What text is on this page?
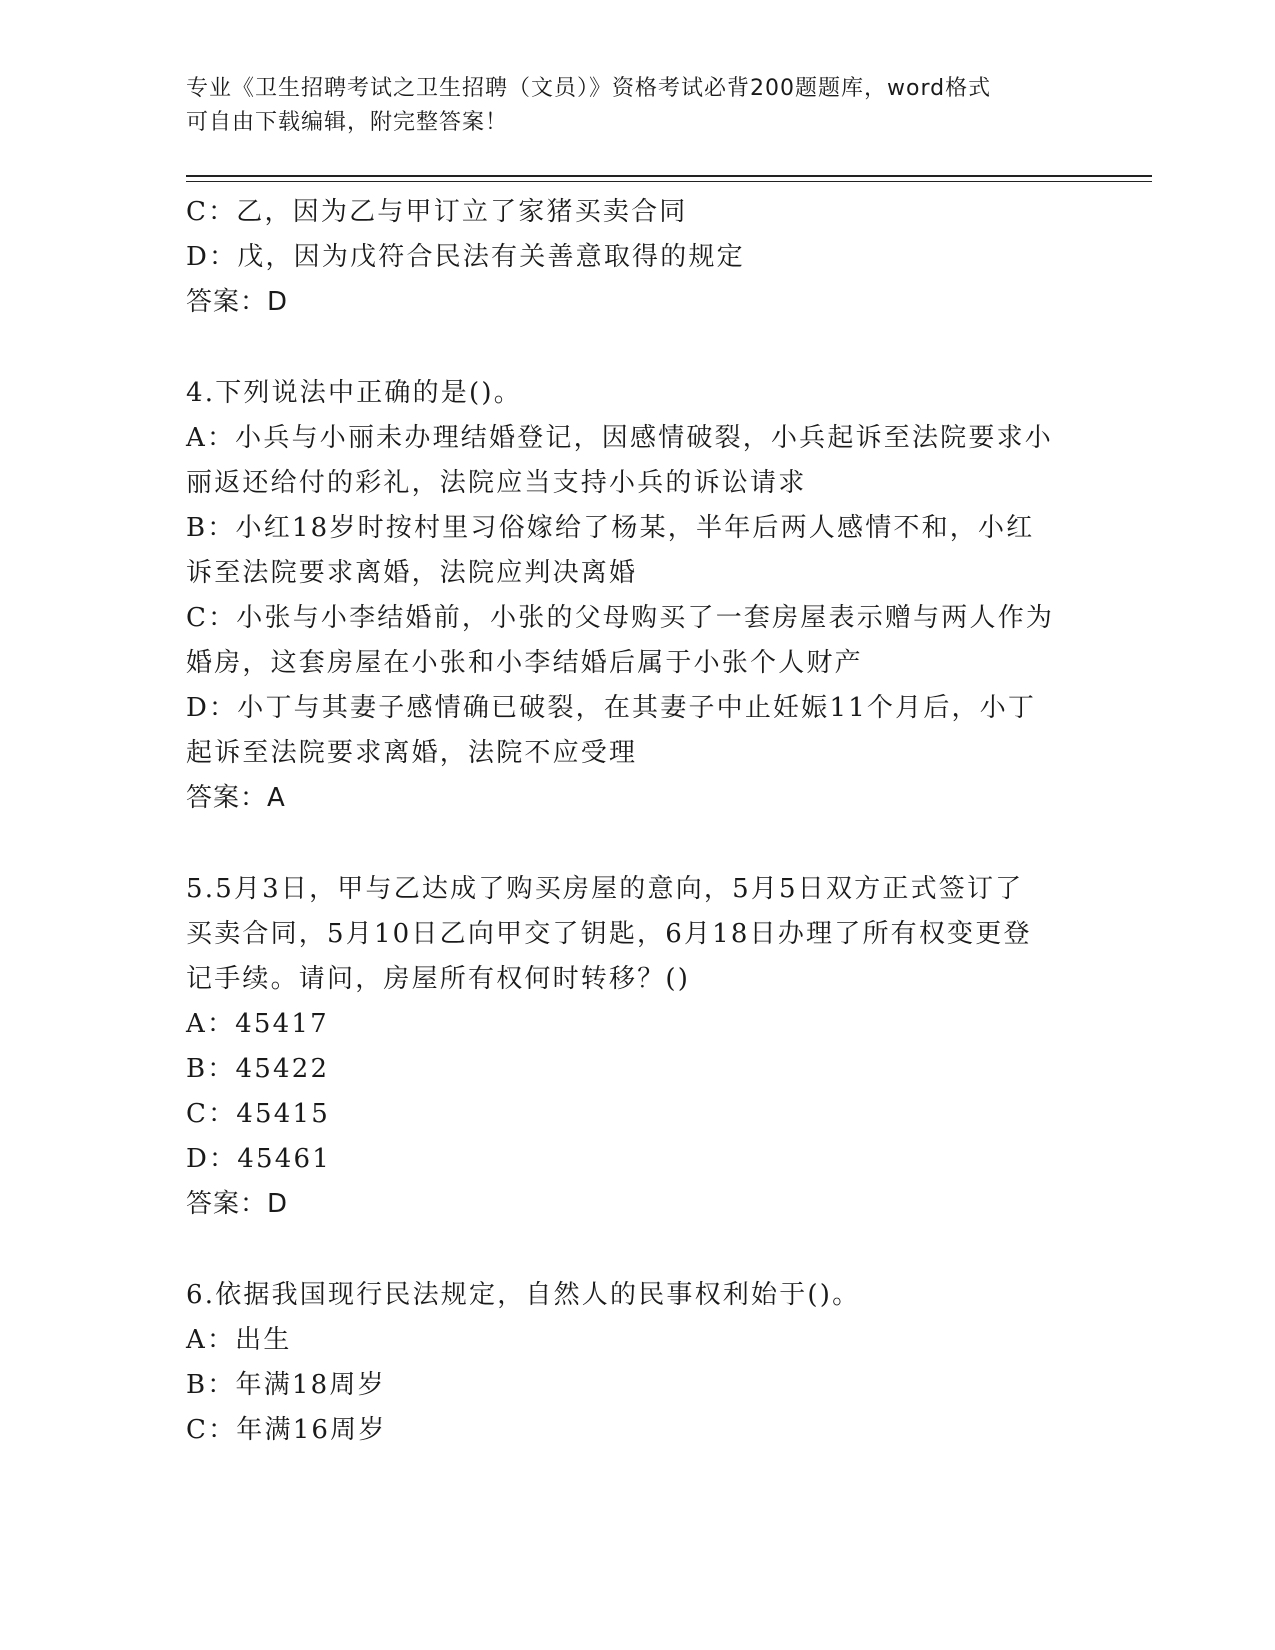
专业《卫生招聘考试之卫生招聘（文员）》资格考试必背200题题库，word格式
可自由下载编辑，附完整答案！
C：乙，因为乙与甲订立了家猪买卖合同
D：戊，因为戊符合民法有关善意取得的规定
答案：D
4.下列说法中正确的是()。
A：小兵与小丽未办理结婚登记，因感情破裂，小兵起诉至法院要求小
丽返还给付的彩礼，法院应当支持小兵的诉讼请求
B：小红18岁时按村里习俗嫁给了杨某，半年后两人感情不和，小红
诉至法院要求离婚，法院应判决离婚
C：小张与小李结婚前，小张的父母购买了一套房屋表示赠与两人作为
婚房，这套房屋在小张和小李结婚后属于小张个人财产
D：小丁与其妻子感情确已破裂，在其妻子中止妊娠11个月后，小丁
起诉至法院要求离婚，法院不应受理
答案：A
5.5月3日，甲与乙达成了购买房屋的意向，5月5日双方正式签订了
买卖合同，5月10日乙向甲交了钥匙，6月18日办理了所有权变更登
记手续。请问，房屋所有权何时转移？()
A：45417
B：45422
C：45415
D：45461
答案：D
6.依据我国现行民法规定，自然人的民事权利始于()。
A：出生
B：年满18周岁
C：年满16周岁
